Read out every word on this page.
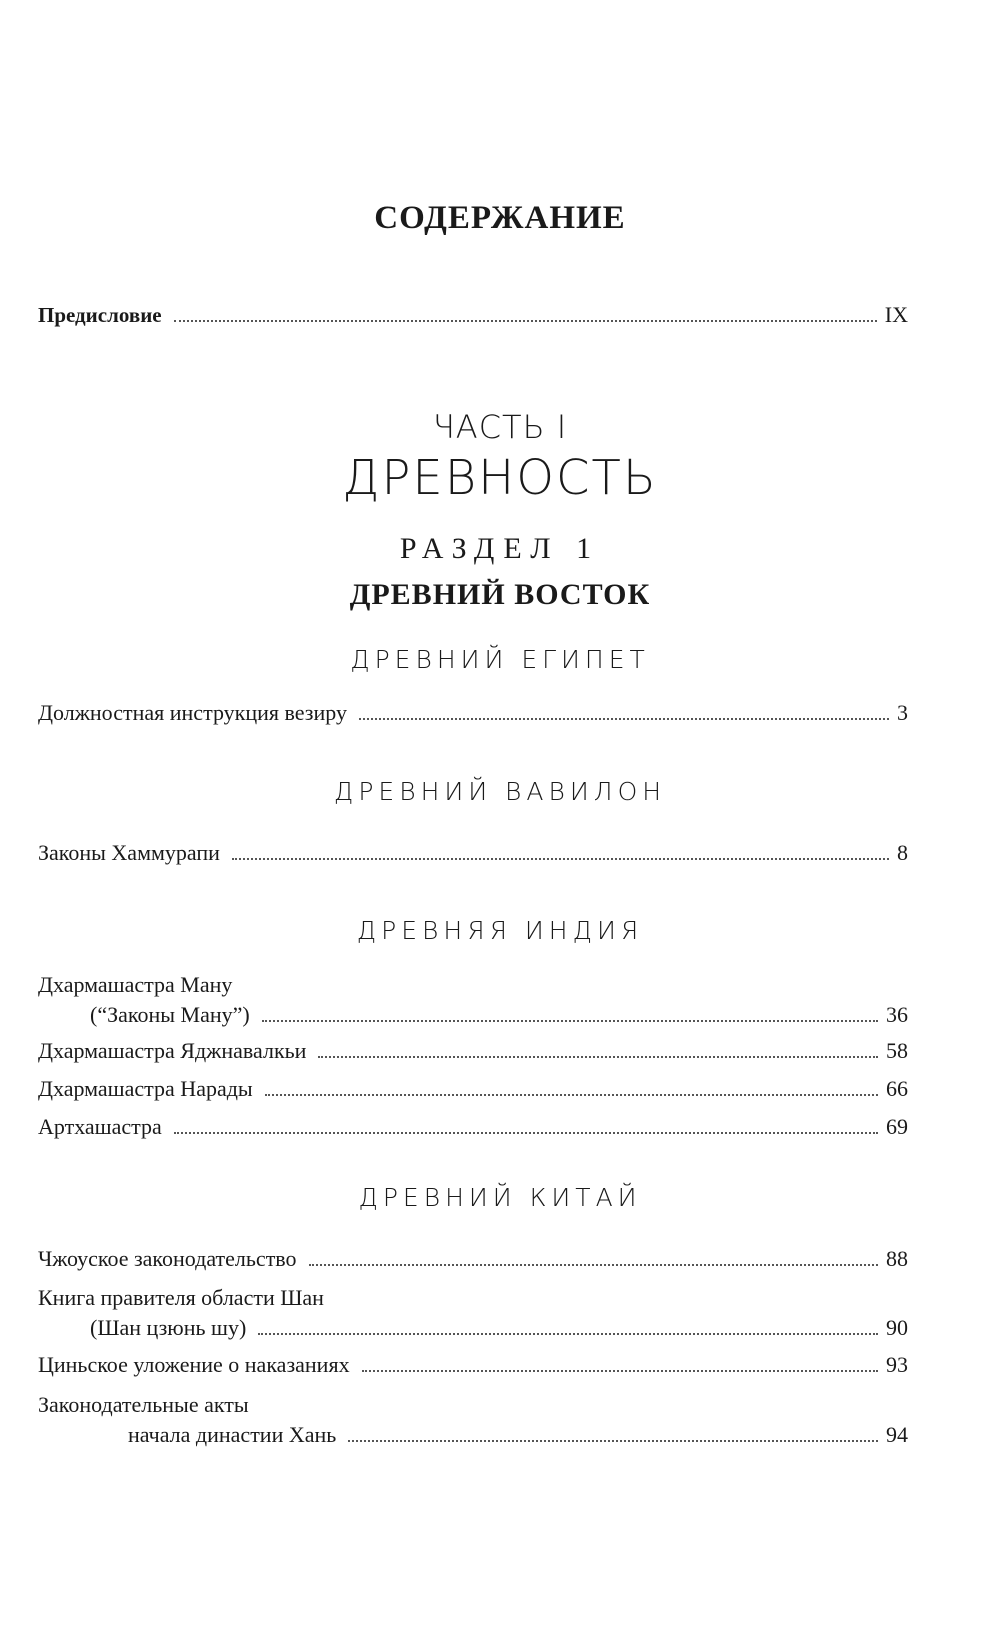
СОДЕРЖАНИЕ
Предисловие	IX
ЧАСТЬ I
ДРЕВНОСТЬ
РАЗДЕЛ 1
ДРЕВНИЙ ВОСТОК
ДРЕВНИЙ ЕГИПЕТ
Должностная инструкция везиру	3
ДРЕВНИЙ ВАВИЛОН
Законы Хаммурапи	8
ДРЕВНЯЯ ИНДИЯ
Дхармашастра Ману
(“Законы Ману”)	36
Дхармашастра Яджнавалкьи	58
Дхармашастра Нарады	66
Артхашастра	69
ДРЕВНИЙ КИТАЙ
Чжоуское законодательство	88
Книга правителя области Шан
(Шан цзюнь шу)	90
Циньское уложение о наказаниях	93
Законодательные акты
начала династии Хань	94
